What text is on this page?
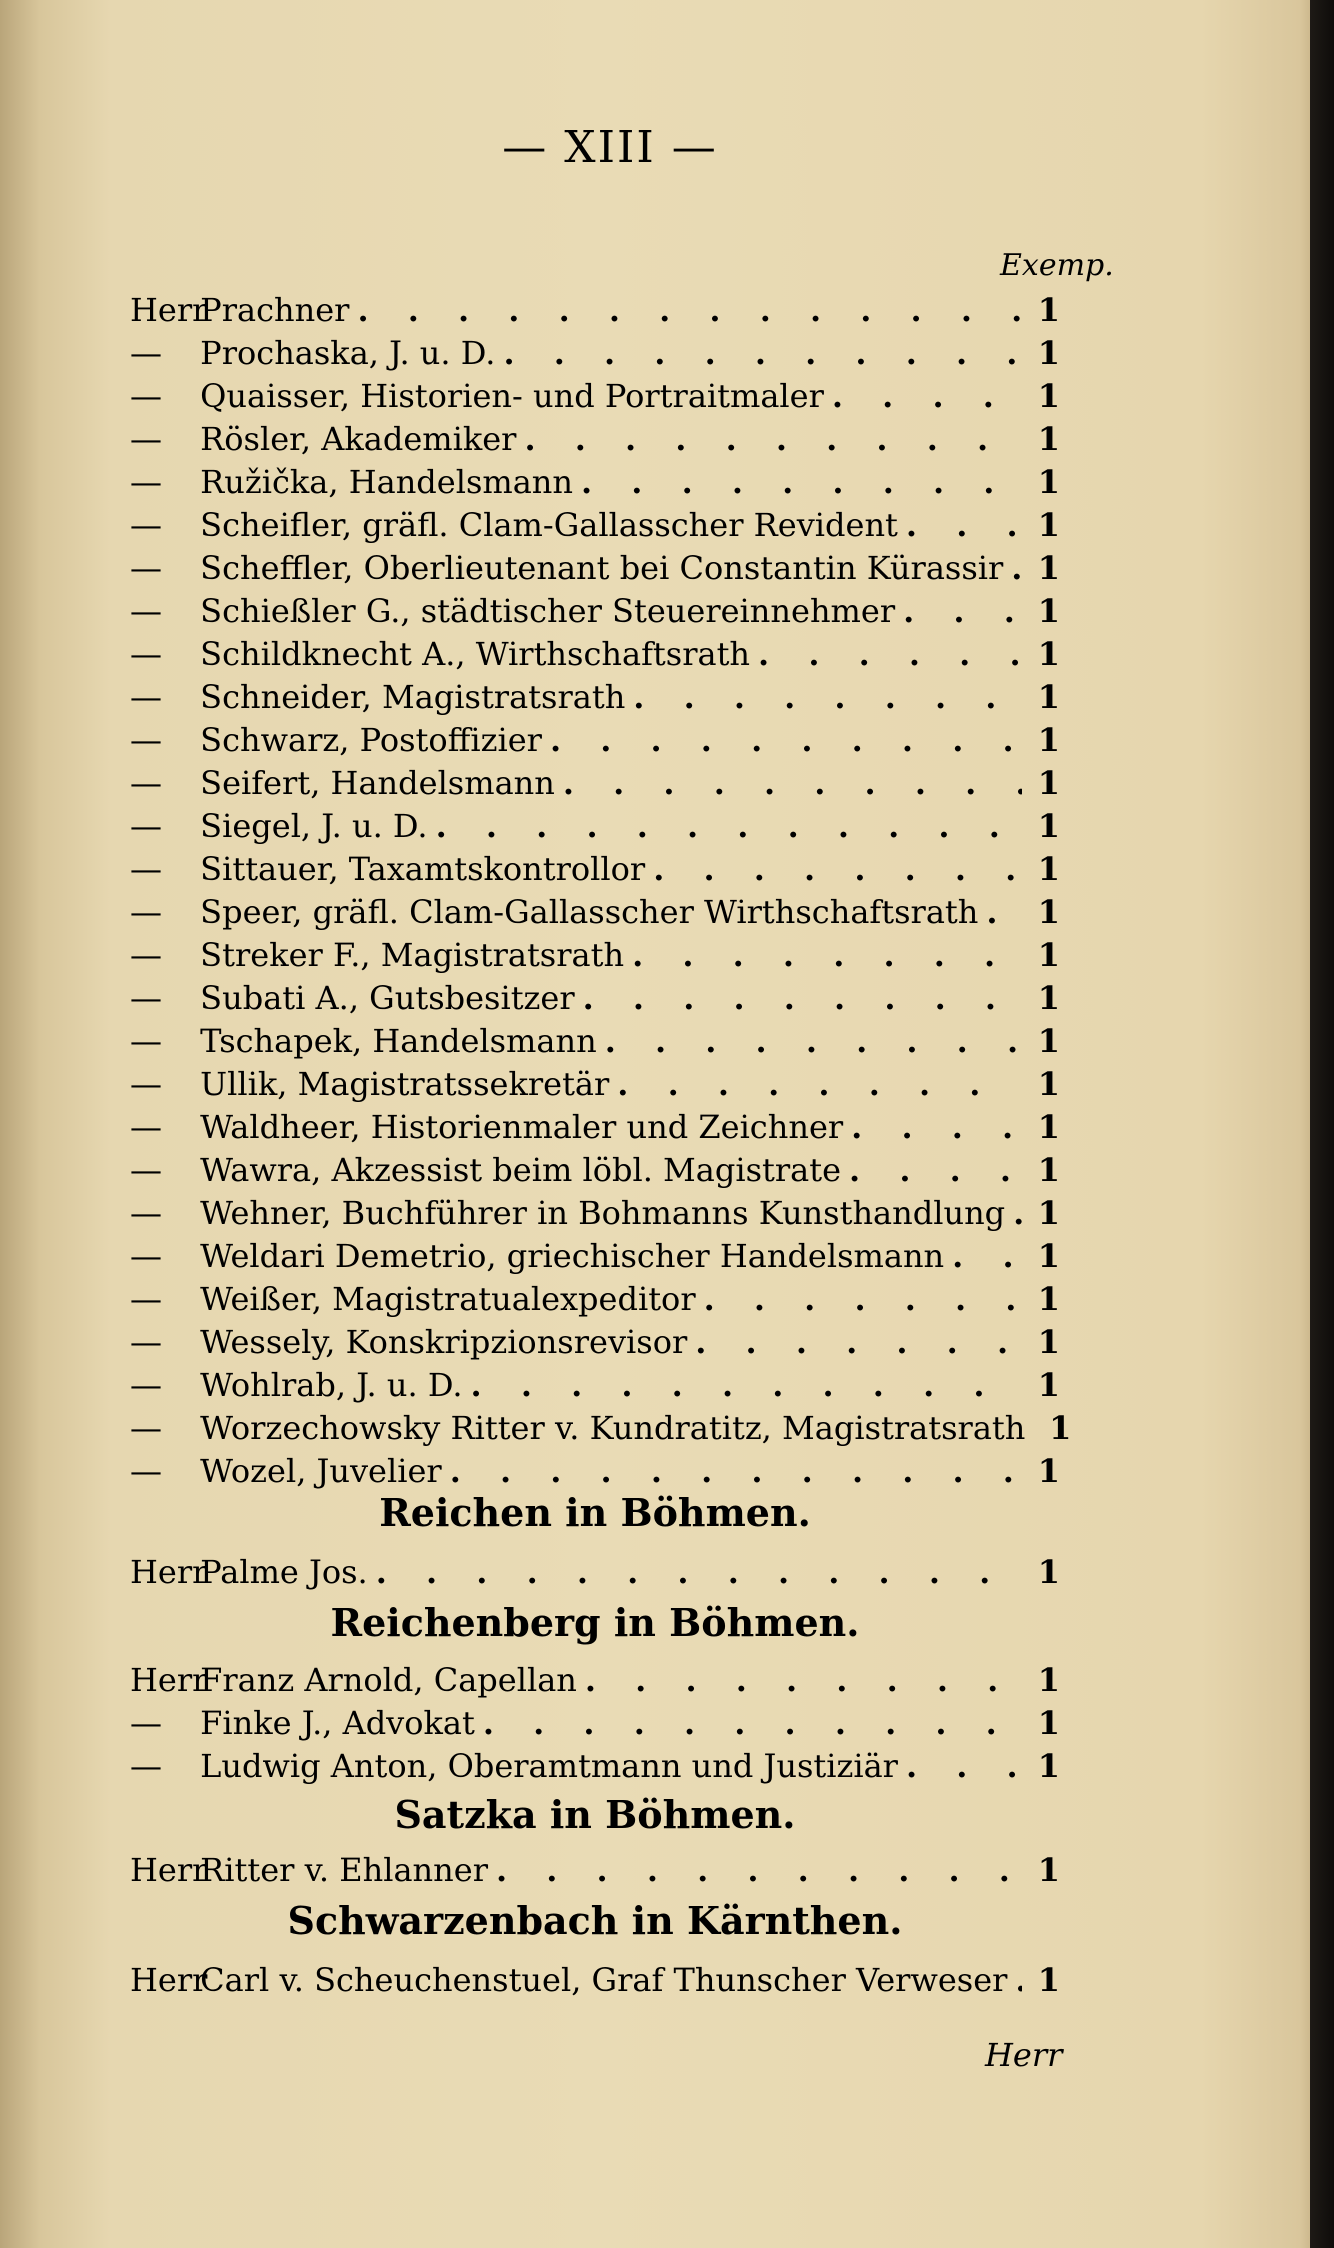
— XIII —
Exemp.
Herr Prachner . . .	1
— Prochaska, J. u. D. . . .	1
— Quaisser, Historien- und Portraitmaler . . .	1
— Rösler, Akademiker . . .	1
— Ružička, Handelsmann . . .	1
— Scheifler, gräfl. Clam-Gallasscher Revident . . .	1
— Scheffler, Oberlieutenant bei Constantin Kürassir . . . 1
— Schießler G., städtischer Steuereinnehmer . . .	1
— Schildknecht A., Wirthschaftsrath . . .	1
— Schneider, Magistratsrath . . .	1
— Schwarz, Postoffizier . . .	1
— Seifert, Handelsmann . . .	1
— Siegel, J. u. D. . . .	1
— Sittauer, Taxamtskontrollor . . .	1
— Speer, gräfl. Clam-Gallasscher Wirthschaftsrath . . . 1
— Streker F., Magistratsrath . . .	1
— Subati A., Gutsbesitzer . . .	1
— Tschapek, Handelsmann . . .	1
— Ullik, Magistratssekretär . . .	1
— Waldheer, Historienmaler und Zeichner . . .	1
— Wawra, Akzessist beim löbl. Magistrate . . .	1
— Wehner, Buchführer in Bohmanns Kunsthandlung . . . 1
— Weldari Demetrio, griechischer Handelsmann . . .	1
— Weißer, Magistratualexpeditor . . .	1
— Wessely, Konskripzionsrevisor . . .	1
— Wohlrab, J. u. D. . . .	1
— Worzechowsky Ritter v. Kundratitz, Magistratsrath 1
— Wozel, Juvelier . . .	1
Reichen in Böhmen.
Herr Palme Jos. . . .	1
Reichenberg in Böhmen.
Herr Franz Arnold, Capellan . . .	1
— Finke J., Advokat . . .	1
— Ludwig Anton, Oberamtmann und Justiziär . . .	1
Satzka in Böhmen.
Herr Ritter v. Ehlanner . . .	1
Schwarzenbach in Kärnthen.
Herr Carl v. Scheuchenstuel, Graf Thunscher Verweser . . . 1
Herr
